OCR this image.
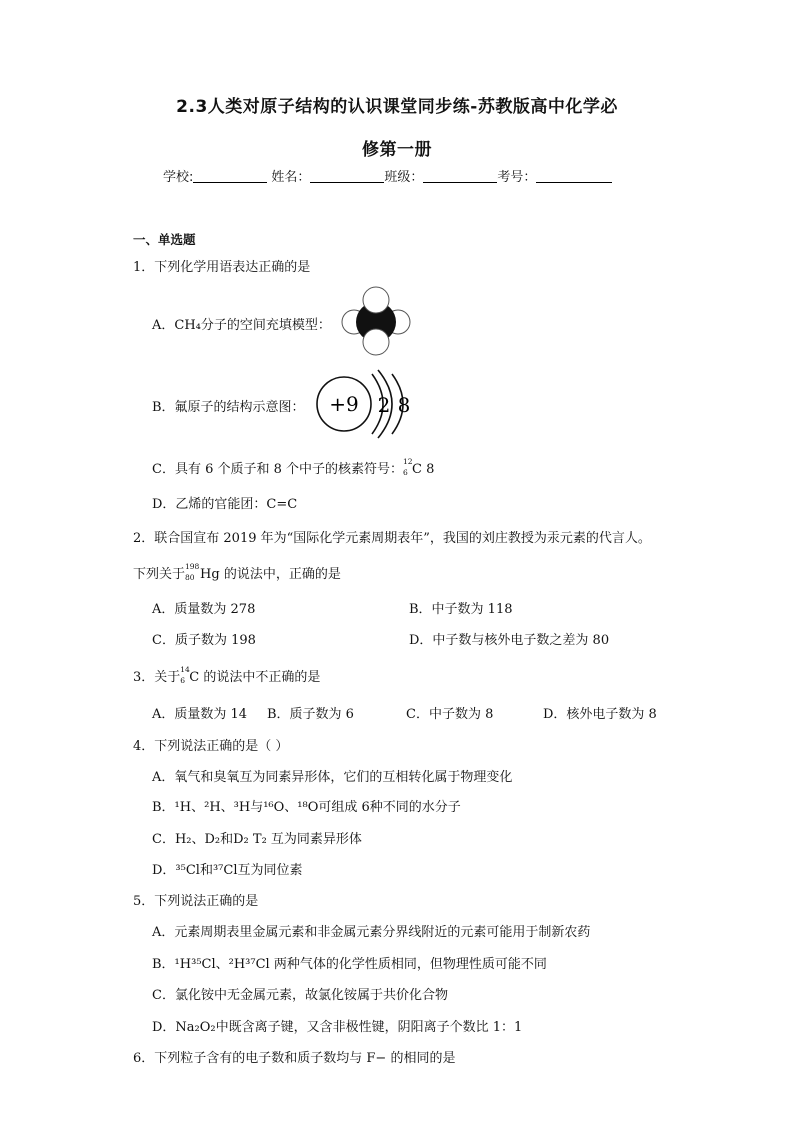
2.3人类对原子结构的认识课堂同步练-苏教版高中化学必
修第一册
学校:	姓名：	班级：	考号：
一、单选题
1．下列化学用语表达正确的是
A．CH₄分子的空间充填模型：
B．氟原子的结构示意图： +9 2 8
C．具有 6 个质子和 8 个中子的核素符号：
12
6 C 8
D．乙烯的官能团：C=C
2．联合国宣布 2019 年为“国际化学元素周期表年”，我国的刘庄教授为汞元素的代言人。
下列关于
198
80 Hg 的说法中，正确的是
A．质量数为 278	B．中子数为 118
C．质子数为 198	D．中子数与核外电子数之差为 80
3．关于
14
6 C 的说法中不正确的是
A．质量数为 14 B．质子数为 6	C．中子数为 8	D．核外电子数为 8
4．下列说法正确的是（ ）
A．氧气和臭氧互为同素异形体，它们的互相转化属于物理变化
B．¹H、²H、³H与¹⁶O、¹⁸O可组成 6种不同的水分子
C．H₂、D₂和D₂ T₂ 互为同素异形体
D．³⁵Cl和³⁷Cl互为同位素
5．下列说法正确的是
A．元素周期表里金属元素和非金属元素分界线附近的元素可能用于制新农药
B．¹H³⁵Cl、²H³⁷Cl 两种气体的化学性质相同，但物理性质可能不同
C．氯化铵中无金属元素，故氯化铵属于共价化合物
D．Na₂O₂中既含离子键，又含非极性键，阴阳离子个数比 1：1
6．下列粒子含有的电子数和质子数均与 F− 的相同的是
